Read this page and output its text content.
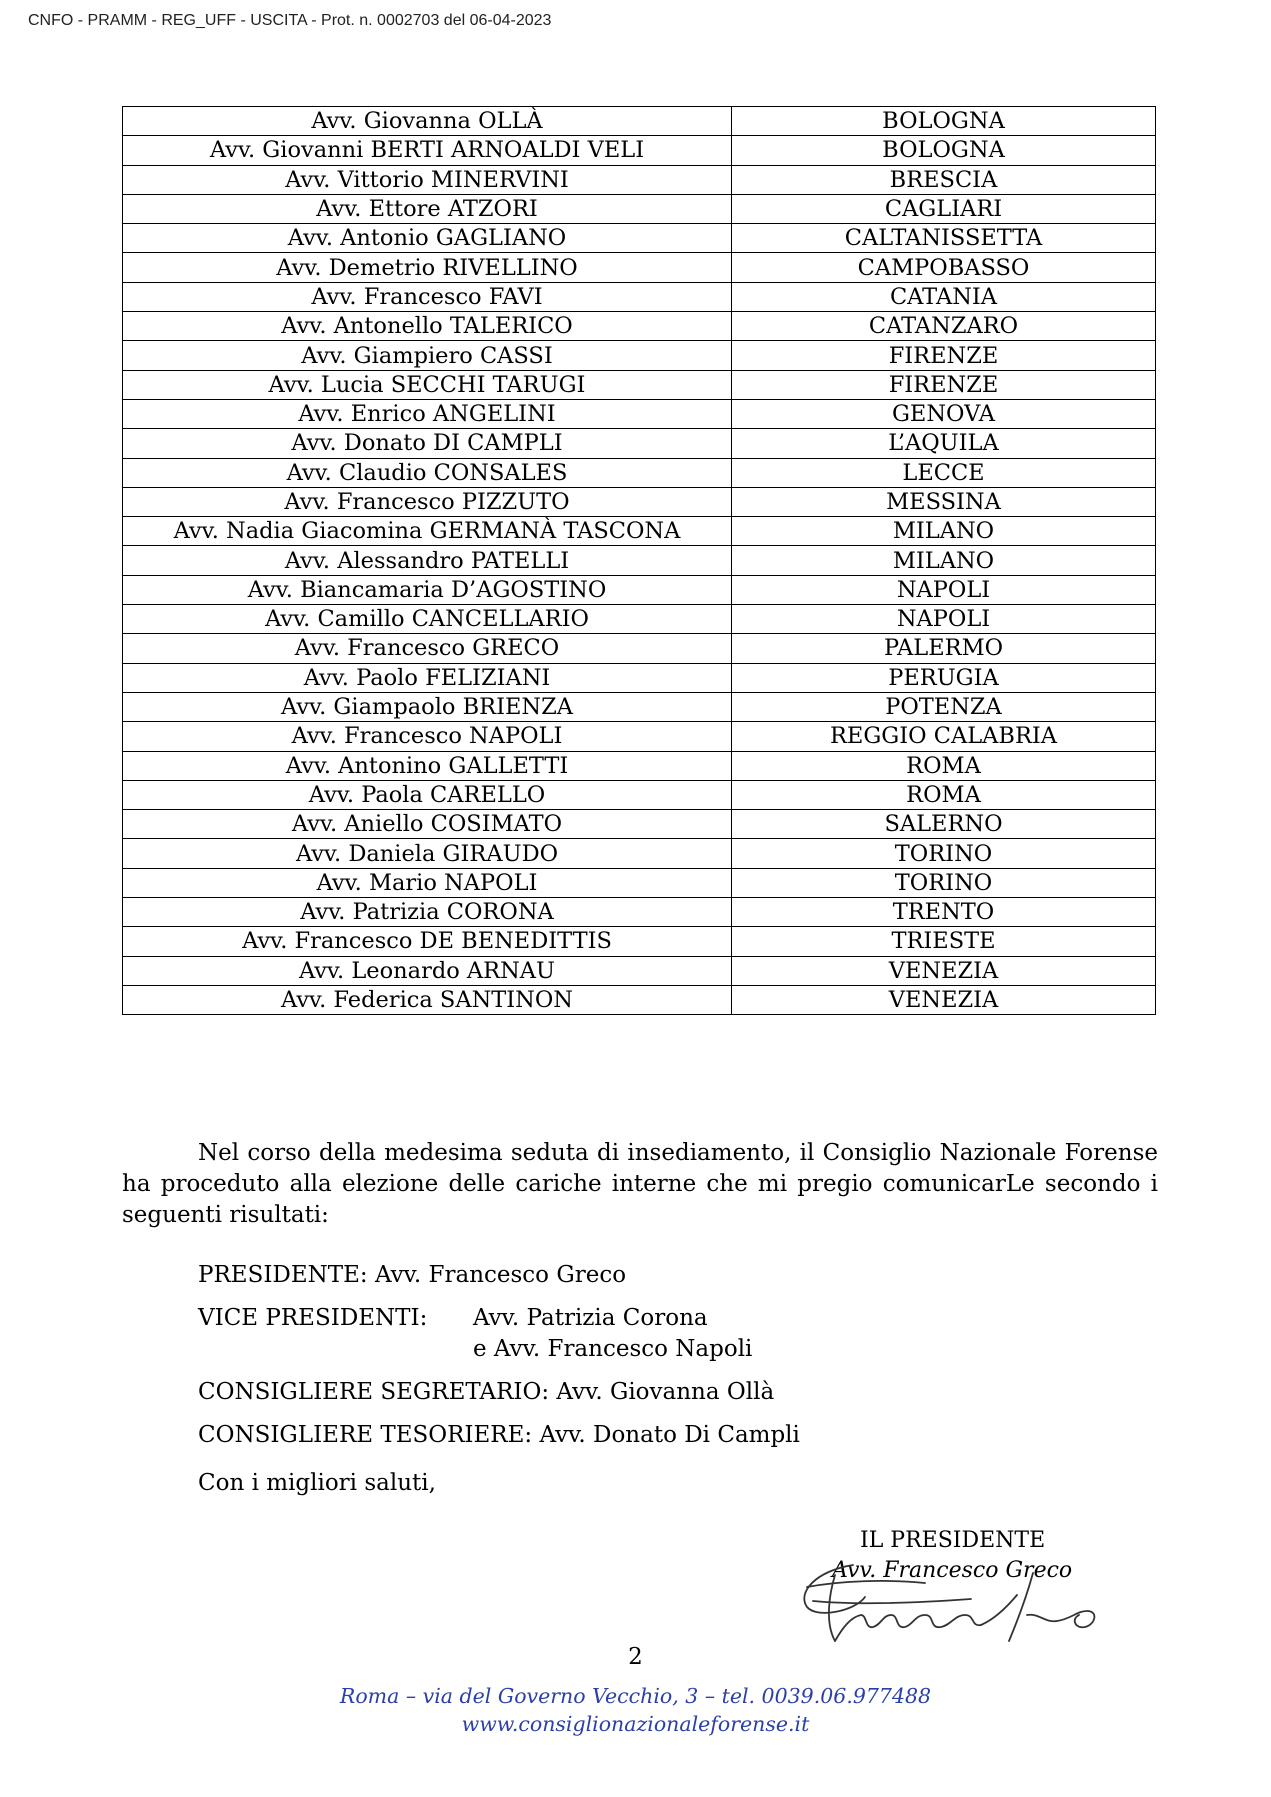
CNFO - PRAMM - REG_UFF - USCITA - Prot. n. 0002703 del 06-04-2023
Avv. Giovanna OLLÀ	BOLOGNA
Avv. Giovanni BERTI ARNOALDI VELI	BOLOGNA
Avv. Vittorio MINERVINI	BRESCIA
Avv. Ettore ATZORI	CAGLIARI
Avv. Antonio GAGLIANO	CALTANISSETTA
Avv. Demetrio RIVELLINO	CAMPOBASSO
Avv. Francesco FAVI	CATANIA
Avv. Antonello TALERICO	CATANZARO
Avv. Giampiero CASSI	FIRENZE
Avv. Lucia SECCHI TARUGI	FIRENZE
Avv. Enrico ANGELINI	GENOVA
Avv. Donato DI CAMPLI	L’AQUILA
Avv. Claudio CONSALES	LECCE
Avv. Francesco PIZZUTO	MESSINA
Avv. Nadia Giacomina GERMANÀ TASCONA	MILANO
Avv. Alessandro PATELLI	MILANO
Avv. Biancamaria D’AGOSTINO	NAPOLI
Avv. Camillo CANCELLARIO	NAPOLI
Avv. Francesco GRECO	PALERMO
Avv. Paolo FELIZIANI	PERUGIA
Avv. Giampaolo BRIENZA	POTENZA
Avv. Francesco NAPOLI	REGGIO CALABRIA
Avv. Antonino GALLETTI	ROMA
Avv. Paola CARELLO	ROMA
Avv. Aniello COSIMATO	SALERNO
Avv. Daniela GIRAUDO	TORINO
Avv. Mario NAPOLI	TORINO
Avv. Patrizia CORONA	TRENTO
Avv. Francesco DE BENEDITTIS	TRIESTE
Avv. Leonardo ARNAU	VENEZIA
Avv. Federica SANTINON	VENEZIA

Nel corso della medesima seduta di insediamento, il Consiglio Nazionale Forense ha proceduto alla elezione delle cariche interne che mi pregio comunicarLe secondo i seguenti risultati:

PRESIDENTE: Avv. Francesco Greco
VICE PRESIDENTI: Avv. Patrizia Corona
e Avv. Francesco Napoli
CONSIGLIERE SEGRETARIO: Avv. Giovanna Ollà
CONSIGLIERE TESORIERE: Avv. Donato Di Campli
Con i migliori saluti,
IL PRESIDENTE
Avv. Francesco Greco
2
Roma – via del Governo Vecchio, 3 – tel. 0039.06.977488
www.consiglionazionaleforense.it
